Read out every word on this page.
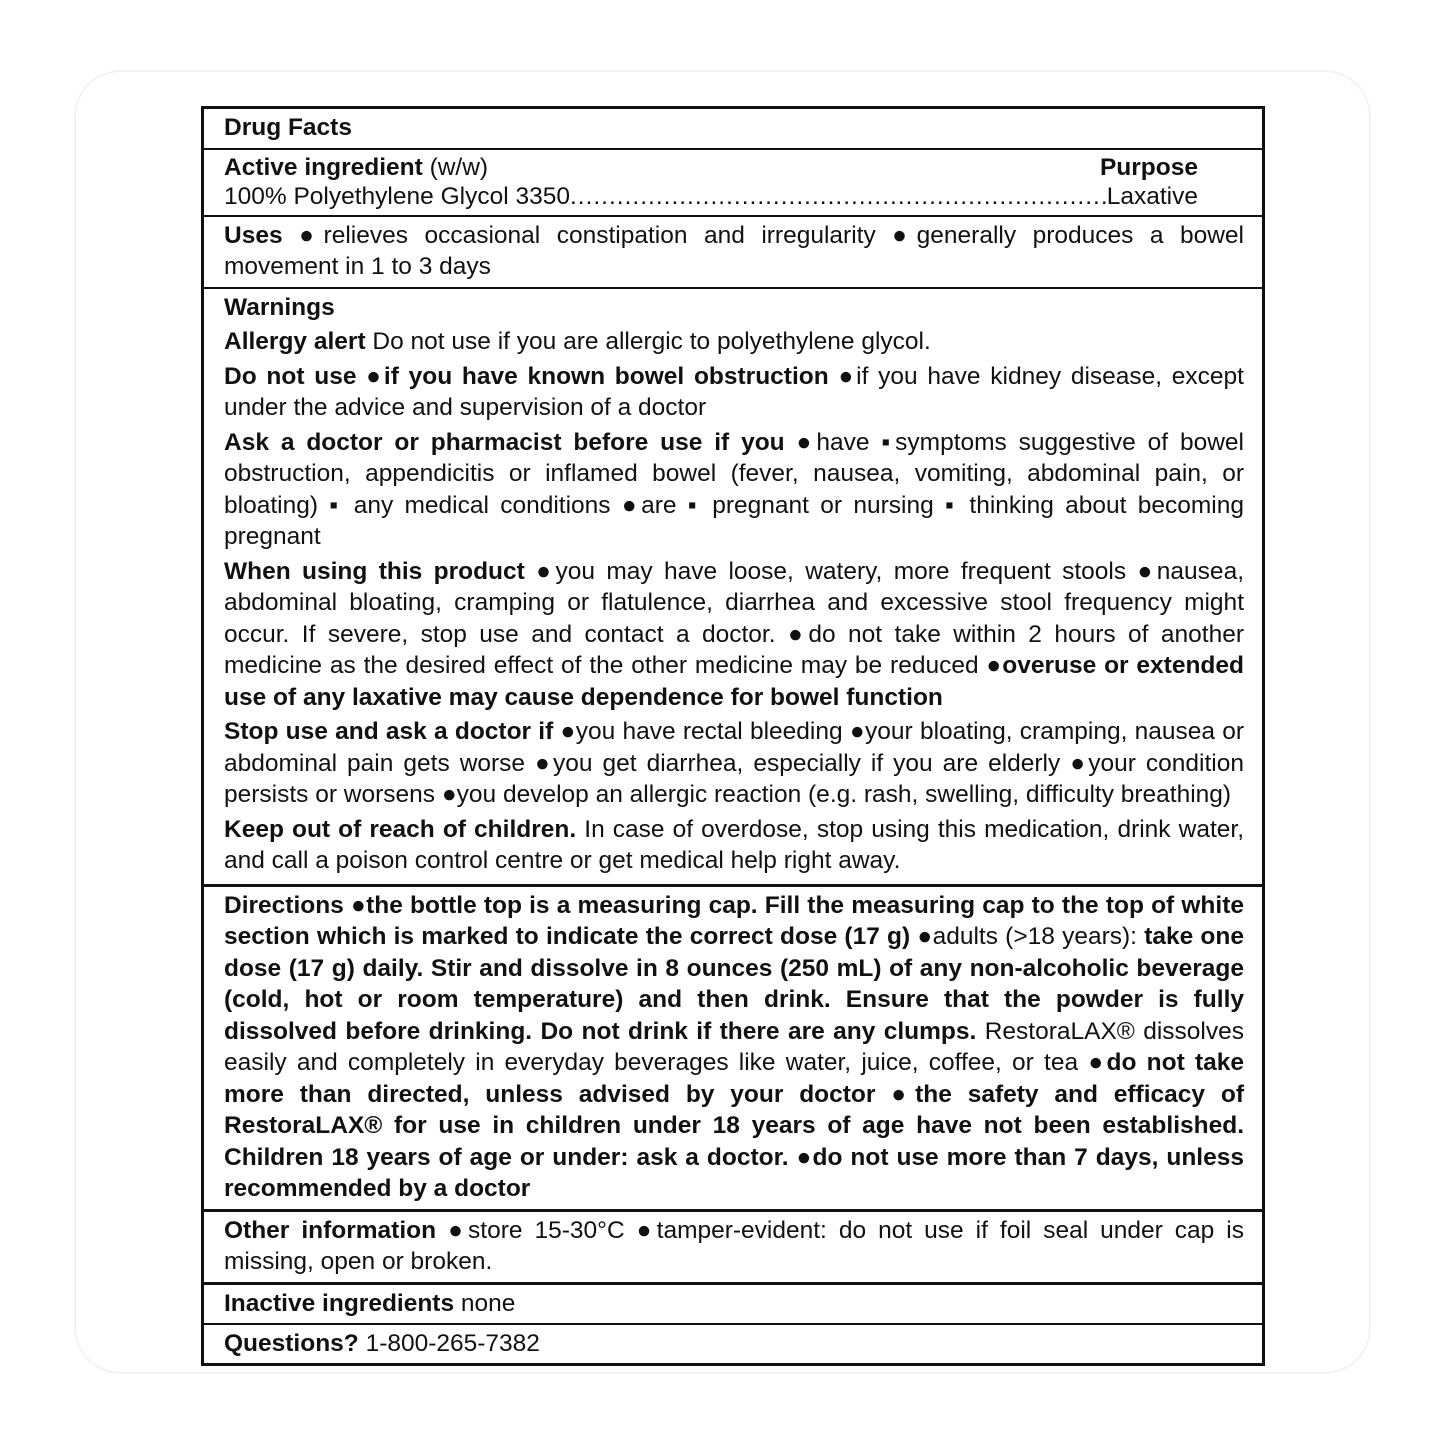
Drug Facts
Active ingredient (w/w)	Purpose
100% Polyethylene Glycol 3350
.....	Laxative
Uses ●relieves occasional constipation and irregularity ●generally produces a bowel movement in 1 to 3 days

Warnings

Allergy alert Do not use if you are allergic to polyethylene glycol.

Do not use ●if you have known bowel obstruction ●if you have kidney disease, except under the advice and supervision of a doctor

Ask a doctor or pharmacist before use if you ●have ▪symptoms suggestive of bowel obstruction, appendicitis or inflamed bowel (fever, nausea, vomiting, abdominal pain, or bloating) ▪ any medical conditions ●are ▪ pregnant or nursing ▪ thinking about becoming pregnant

When using this product ●you may have loose, watery, more frequent stools ●nausea, abdominal bloating, cramping or flatulence, diarrhea and excessive stool frequency might occur. If severe, stop use and contact a doctor. ●do not take within 2 hours of another medicine as the desired effect of the other medicine may be reduced ●overuse or extended use of any laxative may cause dependence for bowel function

Stop use and ask a doctor if ●you have rectal bleeding ●your bloating, cramping, nausea or abdominal pain gets worse ●you get diarrhea, especially if you are elderly ●your condition persists or worsens ●you develop an allergic reaction (e.g. rash, swelling, difficulty breathing)

Keep out of reach of children. In case of overdose, stop using this medication, drink water, and call a poison control centre or get medical help right away.

Directions ●the bottle top is a measuring cap. Fill the measuring cap to the top of white section which is marked to indicate the correct dose (17 g) ●adults (>18 years): take one dose (17 g) daily. Stir and dissolve in 8 ounces (250 mL) of any non-alcoholic beverage (cold, hot or room temperature) and then drink. Ensure that the powder is fully dissolved before drinking. Do not drink if there are any clumps. RestoraLAX® dissolves easily and completely in everyday beverages like water, juice, coffee, or tea ●do not take more than directed, unless advised by your doctor ●the safety and efficacy of RestoraLAX® for use in children under 18 years of age have not been established. Children 18 years of age or under: ask a doctor. ●do not use more than 7 days, unless recommended by a doctor
Other information ●store 15-30°C ●tamper-evident: do not use if foil seal under cap is missing, open or broken.
Inactive ingredients none
Questions? 1-800-265-7382
